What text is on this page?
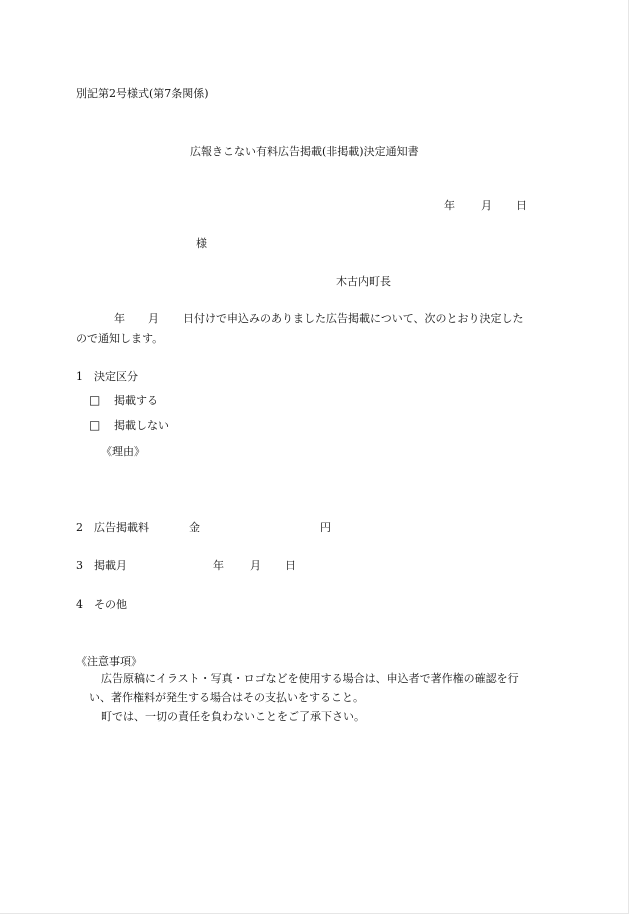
別記第2号様式(第7条関係)
広報きこない有料広告掲載(非掲載)決定通知書
年 月 日
様
木古内町長
年 月 日付けで申込みのありました広告掲載について、次のとおり決定した
ので通知します。
1　決定区分
□ 掲載する
□ 掲載しない
《理由》
2　広告掲載料	金	円
3　掲載月	年 月 日
4　その他
《注意事項》
広告原稿にイラスト・写真・ロゴなどを使用する場合は、申込者で著作権の確認を行
い、著作権料が発生する場合はその支払いをすること。
町では、一切の責任を負わないことをご了承下さい。
